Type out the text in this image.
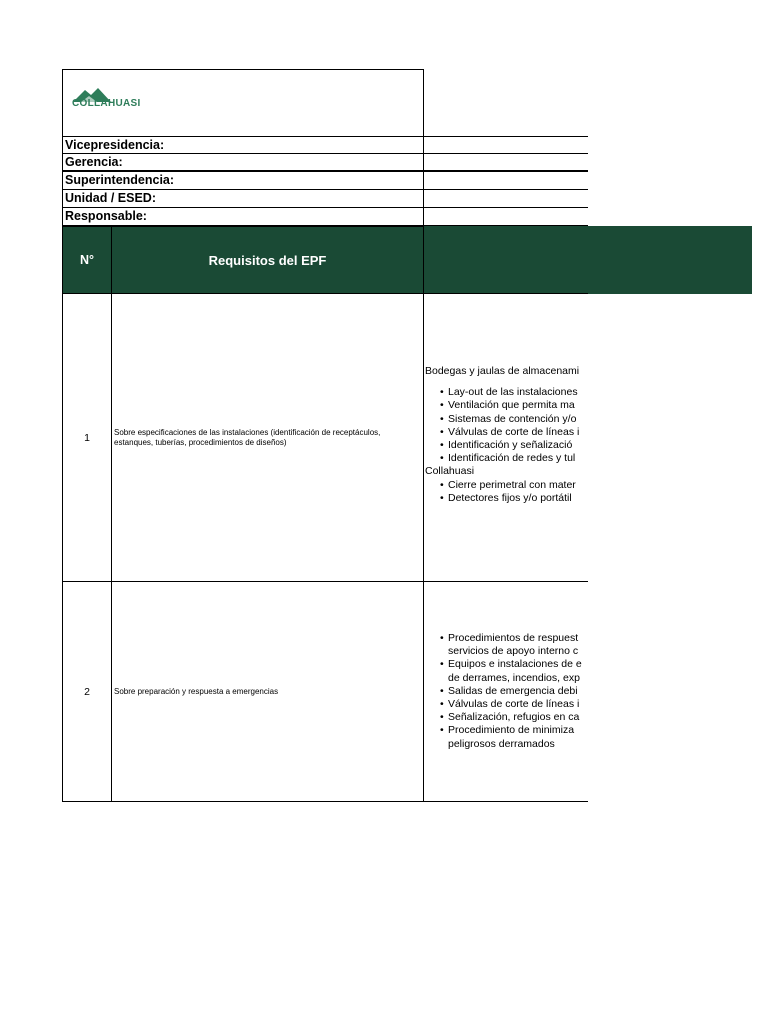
COLLAHUASI
Vicepresidencia:
Gerencia:
Superintendencia:
Unidad / ESED:
Responsable:
N°	Requisitos del EPF
1	Sobre especificaciones de las instalaciones (identificación de receptáculos, estanques, tuberías, procedimientos de diseños)
Bodegas y jaulas de almacenami
• Lay-out de las instalaciones
• Ventilación que permita ma
• Sistemas de contención y/o
• Válvulas de corte de líneas i
• Identificación y señalizació
• Identificación de redes y tul
Collahuasi
• Cierre perimetral con mater
• Detectores fijos y/o portátil
2	Sobre preparación y respuesta a emergencias
• Procedimientos de respuest
servicios de apoyo interno c
• Equipos e instalaciones de e
de derrames, incendios, exp
• Salidas de emergencia debi
• Válvulas de corte de líneas i
• Señalización, refugios en ca
• Procedimiento de minimiza
peligrosos derramados
